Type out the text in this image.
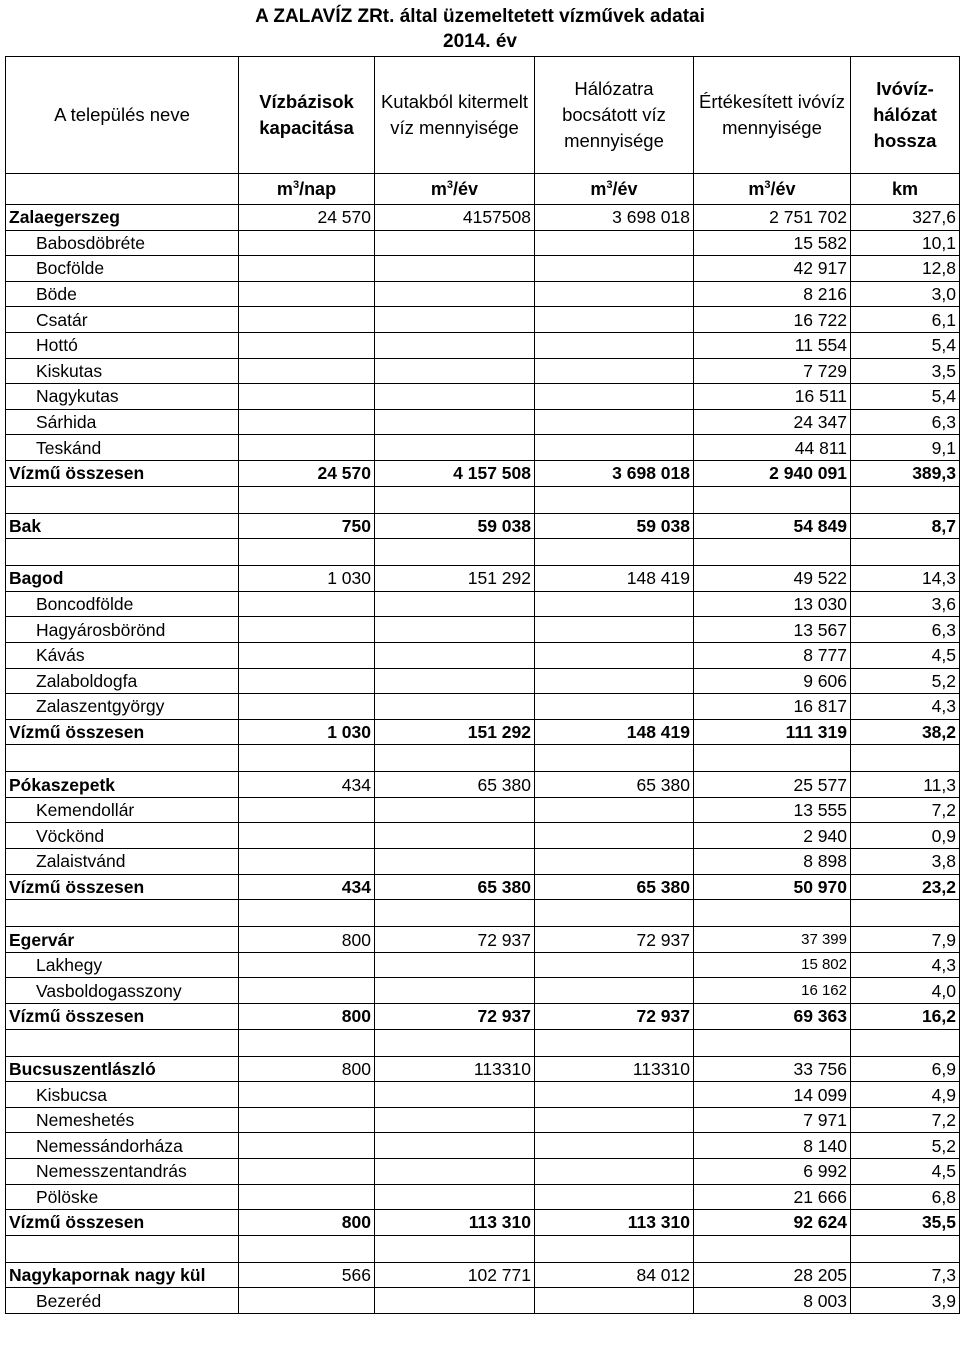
A ZALAVÍZ ZRt. által üzemeltetett vízművek adatai
2014. év
A település neve	Vízbázisok kapacitása	Kutakból kitermelt víz mennyisége	Hálózatra bocsátott víz mennyisége	Értékesített ivóvíz mennyisége	Ivóvíz-hálózat hossza
	$m^3$/nap	$m^3/év$	$m^3/év$	$m^3/év$	km
Zalaegerszeg	24 570	4157508	3 698 018	2 751 702	327,6
Babosdöbréte				15 582	10,1
Bocfölde				42 917	12,8
Böde				8 216	3,0
Csatár				16 722	6,1
Hottó				11 554	5,4
Kiskutas				7 729	3,5
Nagykutas				16 511	5,4
Sárhida				24 347	6,3
Teskánd				44 811	9,1
Vízmű összesen	24 570	4 157 508	3 698 018	2 940 091	389,3

Bak	750	59 038	59 038	54 849	8,7

Bagod	1 030	151 292	148 419	49 522	14,3
Boncodfölde				13 030	3,6
Hagyárosbörönd				13 567	6,3
Kávás				8 777	4,5
Zalaboldogfa				9 606	5,2
Zalaszentgyörgy				16 817	4,3
Vízmű összesen	1 030	151 292	148 419	111 319	38,2

Pókaszepetk	434	65 380	65 380	25 577	11,3
Kemendollár				13 555	7,2
Vöckönd				2 940	0,9
Zalaistvánd				8 898	3,8
Vízmű összesen	434	65 380	65 380	50 970	23,2

Egervár	800	72 937	72 937	37 399	7,9
Lakhegy				15 802	4,3
Vasboldogasszony				16 162	4,0
Vízmű összesen	800	72 937	72 937	69 363	16,2

Bucsuszentlászló	800	113310	113310	33 756	6,9
Kisbucsa				14 099	4,9
Nemeshetés				7 971	7,2
Nemessándorháza				8 140	5,2
Nemesszentandrás				6 992	4,5
Pölöske				21 666	6,8
Vízmű összesen	800	113 310	113 310	92 624	35,5

Nagykapornak nagy kül	566	102 771	84 012	28 205	7,3
Bezeréd				8 003	3,9
